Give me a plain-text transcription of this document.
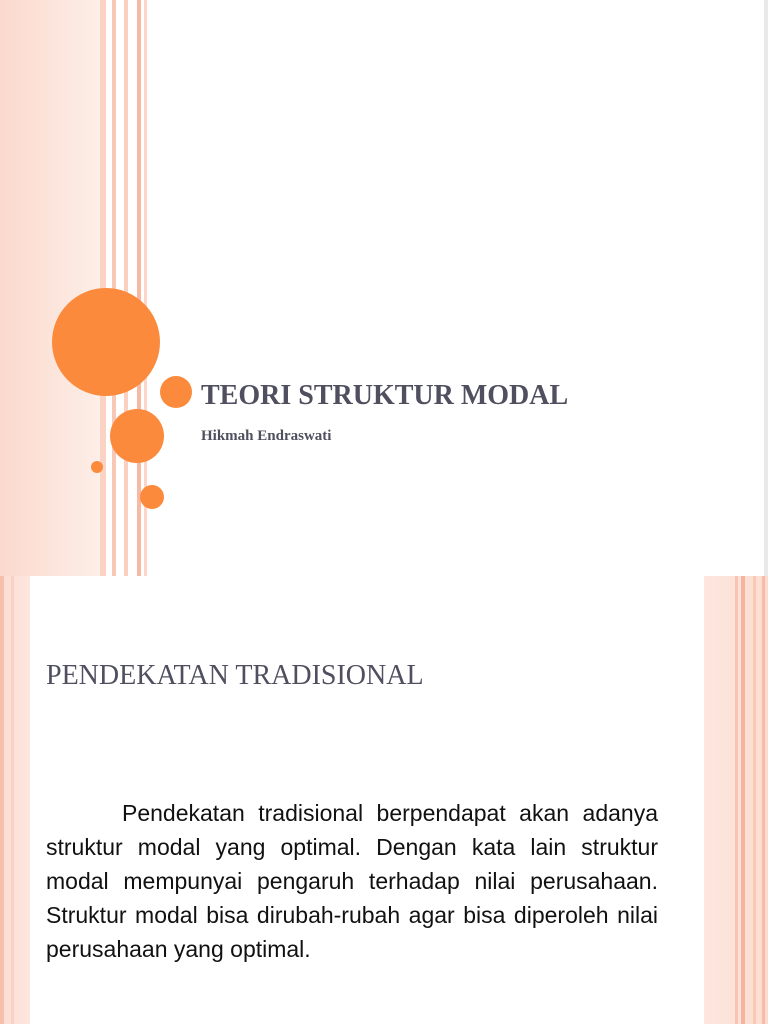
TEORI STRUKTUR MODAL

Hikmah Endraswati

PENDEKATAN TRADISIONAL

Pendekatan tradisional berpendapat akan adanya struktur modal yang optimal. Dengan kata lain struktur modal mempunyai pengaruh terhadap nilai perusahaan. Struktur modal bisa dirubah-rubah agar bisa diperoleh nilai perusahaan yang optimal.
